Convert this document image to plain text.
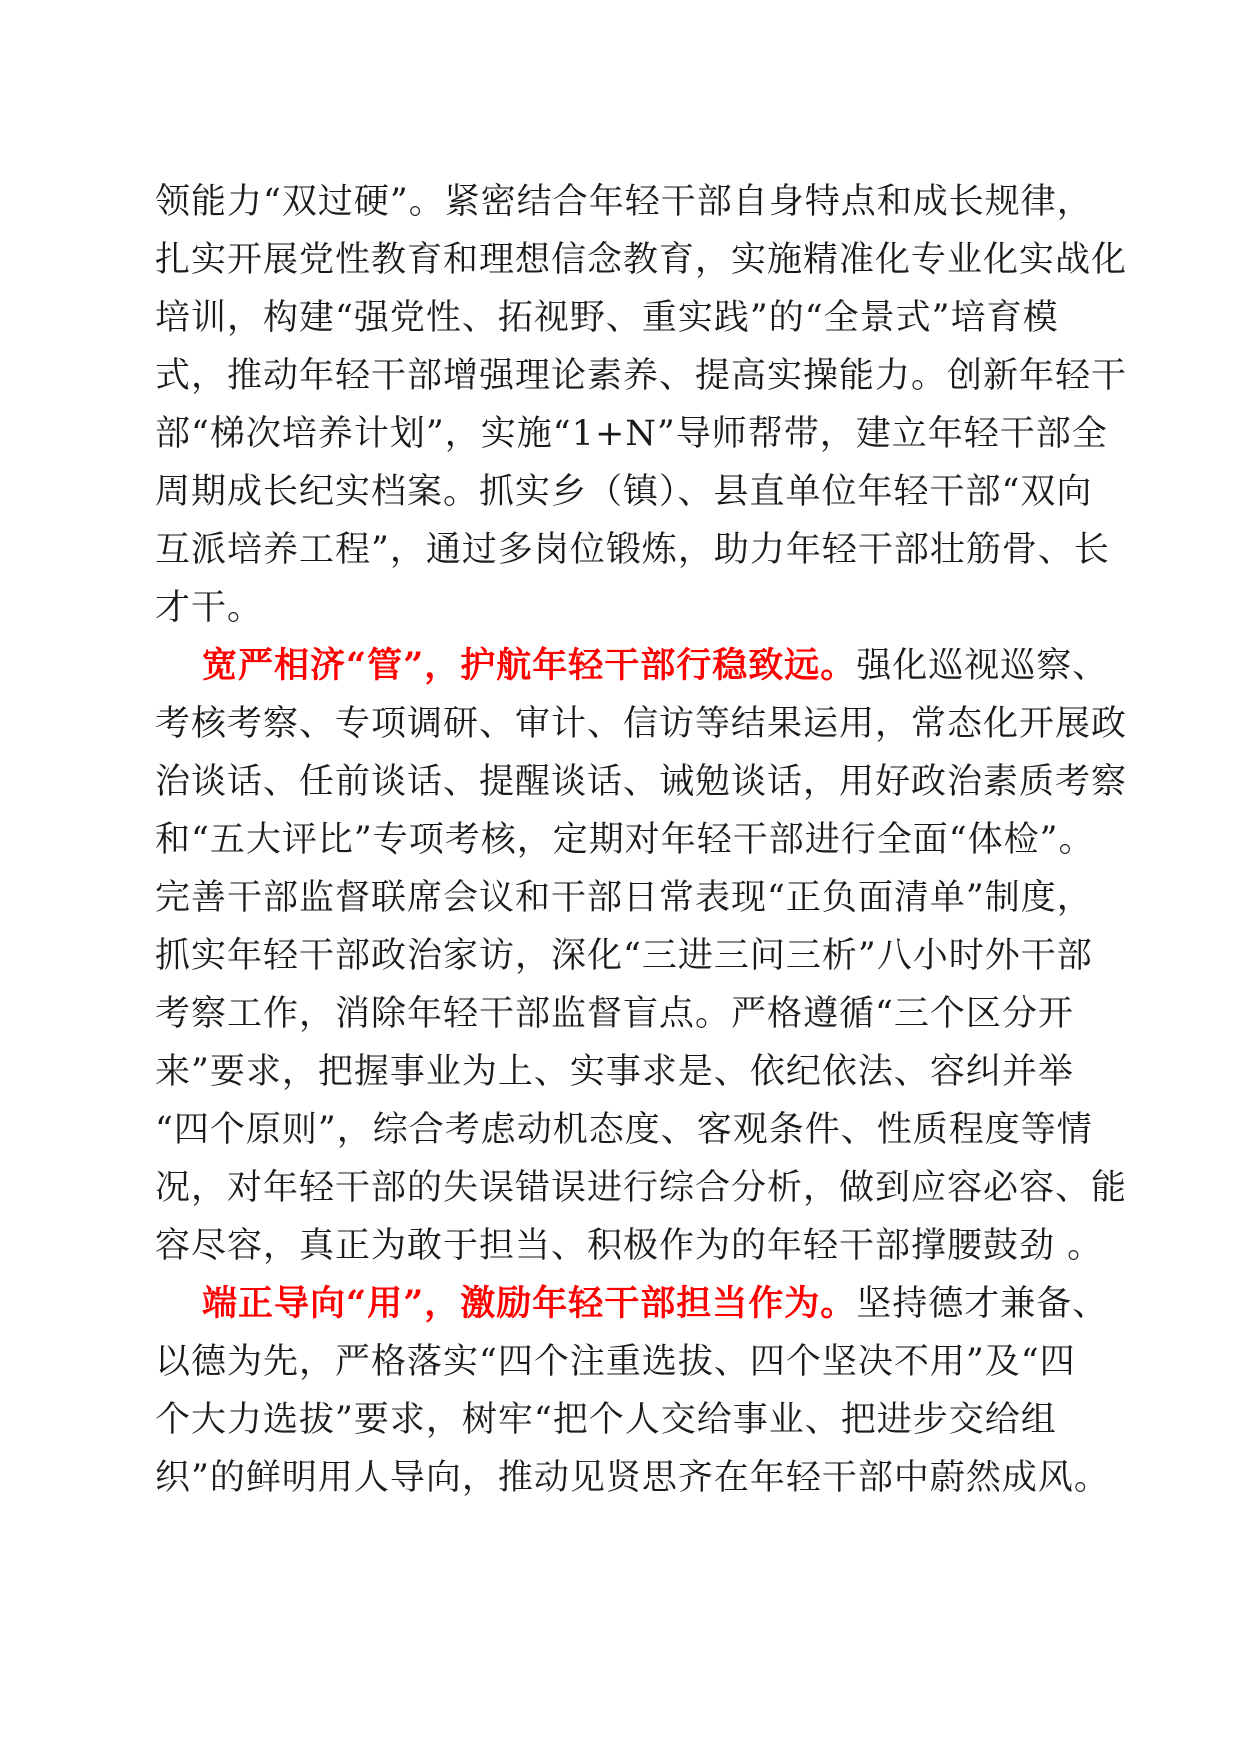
领能力“双过硬”。紧密结合年轻干部自身特点和成长规律，
扎实开展党性教育和理想信念教育，实施精准化专业化实战化
培训，构建“强党性、拓视野、重实践”的“全景式”培育模
式，推动年轻干部增强理论素养、提高实操能力。创新年轻干
部“梯次培养计划”，实施“1+N”导师帮带，建立年轻干部全
周期成长纪实档案。抓实乡（镇）、县直单位年轻干部“双向
互派培养工程”，通过多岗位锻炼，助力年轻干部壮筋骨、长
才干。
宽严相济“管”，护航年轻干部行稳致远。强化巡视巡察、
考核考察、专项调研、审计、信访等结果运用，常态化开展政
治谈话、任前谈话、提醒谈话、诫勉谈话，用好政治素质考察
和“五大评比”专项考核，定期对年轻干部进行全面“体检”。
完善干部监督联席会议和干部日常表现“正负面清单”制度，
抓实年轻干部政治家访，深化“三进三问三析”八小时外干部
考察工作，消除年轻干部监督盲点。严格遵循“三个区分开
来”要求，把握事业为上、实事求是、依纪依法、容纠并举
“四个原则”，综合考虑动机态度、客观条件、性质程度等情
况，对年轻干部的失误错误进行综合分析，做到应容必容、能
容尽容，真正为敢于担当、积极作为的年轻干部撑腰鼓劲 。
端正导向“用”，激励年轻干部担当作为。坚持德才兼备、
以德为先，严格落实“四个注重选拔、四个坚决不用”及“四
个大力选拔”要求，树牢“把个人交给事业、把进步交给组
织”的鲜明用人导向，推动见贤思齐在年轻干部中蔚然成风。
